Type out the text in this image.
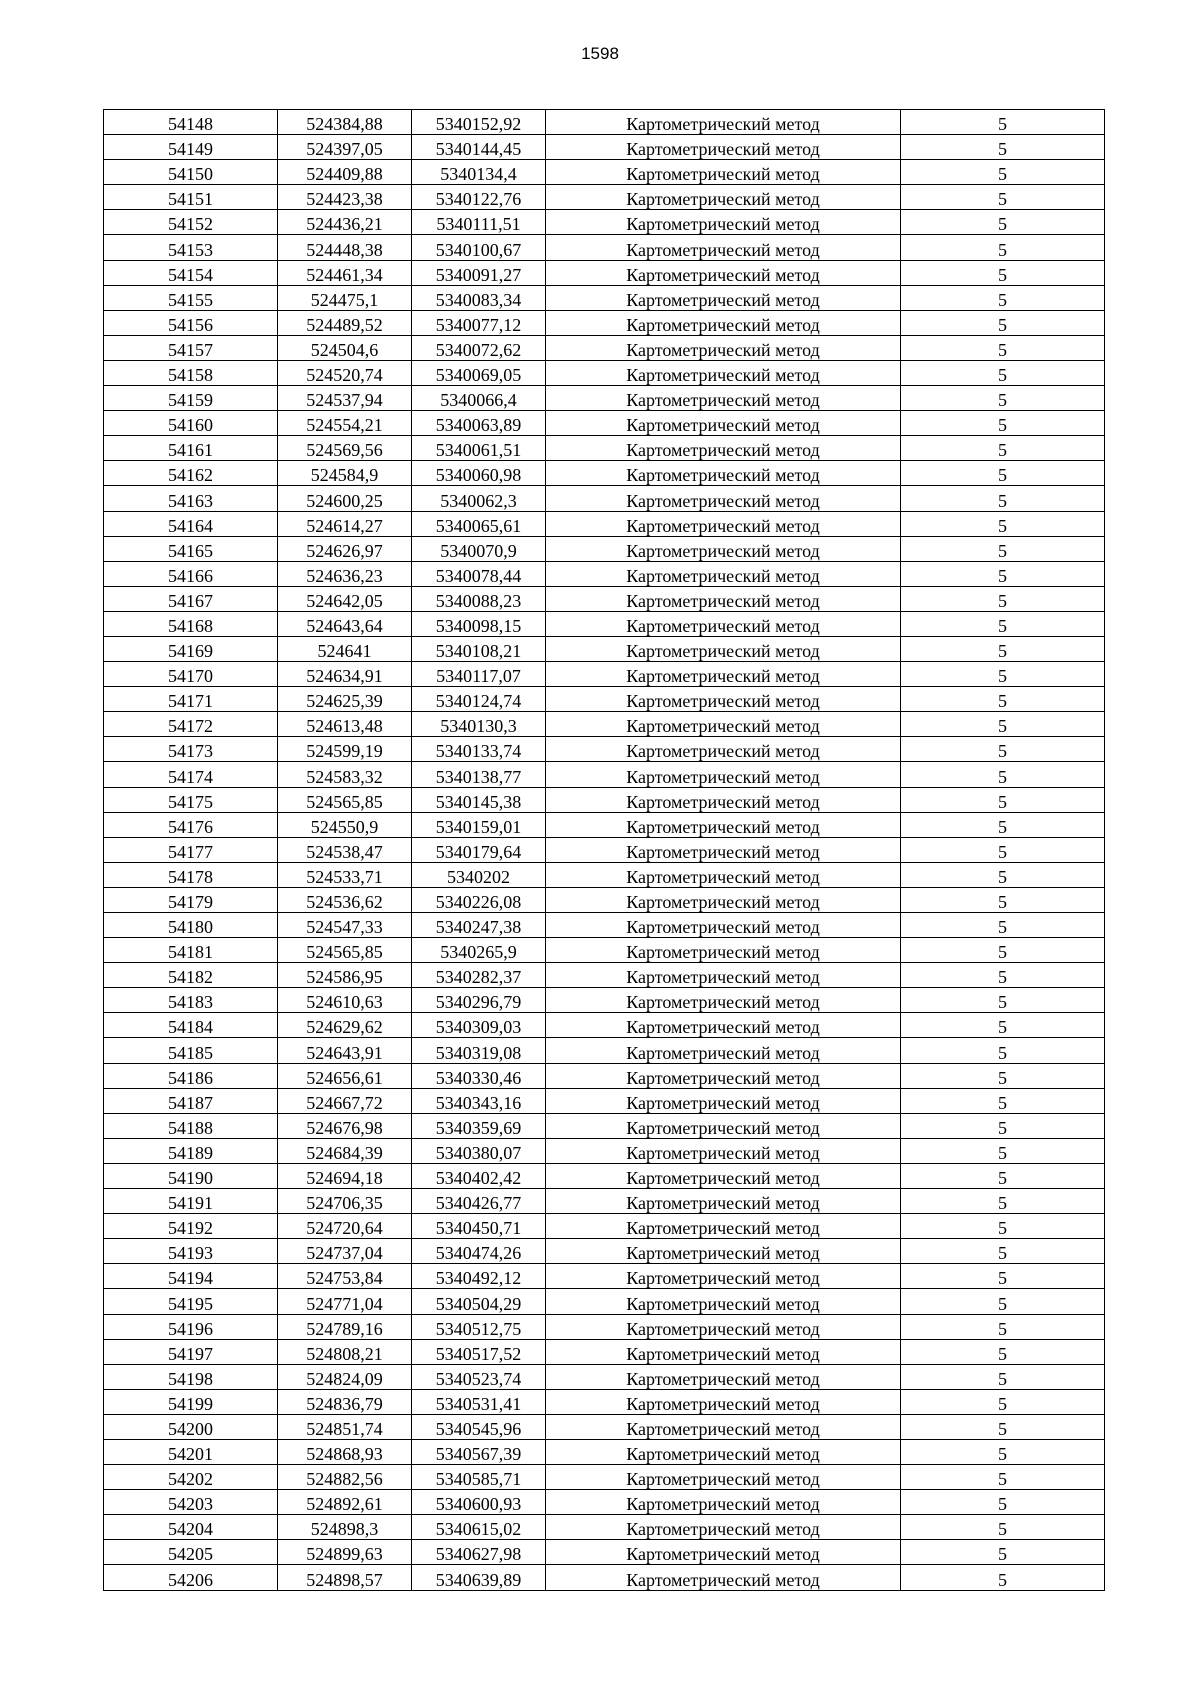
1598
54148	524384,88	5340152,92	Картометрический метод	5
54149	524397,05	5340144,45	Картометрический метод	5
54150	524409,88	5340134,4	Картометрический метод	5
54151	524423,38	5340122,76	Картометрический метод	5
54152	524436,21	5340111,51	Картометрический метод	5
54153	524448,38	5340100,67	Картометрический метод	5
54154	524461,34	5340091,27	Картометрический метод	5
54155	524475,1	5340083,34	Картометрический метод	5
54156	524489,52	5340077,12	Картометрический метод	5
54157	524504,6	5340072,62	Картометрический метод	5
54158	524520,74	5340069,05	Картометрический метод	5
54159	524537,94	5340066,4	Картометрический метод	5
54160	524554,21	5340063,89	Картометрический метод	5
54161	524569,56	5340061,51	Картометрический метод	5
54162	524584,9	5340060,98	Картометрический метод	5
54163	524600,25	5340062,3	Картометрический метод	5
54164	524614,27	5340065,61	Картометрический метод	5
54165	524626,97	5340070,9	Картометрический метод	5
54166	524636,23	5340078,44	Картометрический метод	5
54167	524642,05	5340088,23	Картометрический метод	5
54168	524643,64	5340098,15	Картометрический метод	5
54169	524641	5340108,21	Картометрический метод	5
54170	524634,91	5340117,07	Картометрический метод	5
54171	524625,39	5340124,74	Картометрический метод	5
54172	524613,48	5340130,3	Картометрический метод	5
54173	524599,19	5340133,74	Картометрический метод	5
54174	524583,32	5340138,77	Картометрический метод	5
54175	524565,85	5340145,38	Картометрический метод	5
54176	524550,9	5340159,01	Картометрический метод	5
54177	524538,47	5340179,64	Картометрический метод	5
54178	524533,71	5340202	Картометрический метод	5
54179	524536,62	5340226,08	Картометрический метод	5
54180	524547,33	5340247,38	Картометрический метод	5
54181	524565,85	5340265,9	Картометрический метод	5
54182	524586,95	5340282,37	Картометрический метод	5
54183	524610,63	5340296,79	Картометрический метод	5
54184	524629,62	5340309,03	Картометрический метод	5
54185	524643,91	5340319,08	Картометрический метод	5
54186	524656,61	5340330,46	Картометрический метод	5
54187	524667,72	5340343,16	Картометрический метод	5
54188	524676,98	5340359,69	Картометрический метод	5
54189	524684,39	5340380,07	Картометрический метод	5
54190	524694,18	5340402,42	Картометрический метод	5
54191	524706,35	5340426,77	Картометрический метод	5
54192	524720,64	5340450,71	Картометрический метод	5
54193	524737,04	5340474,26	Картометрический метод	5
54194	524753,84	5340492,12	Картометрический метод	5
54195	524771,04	5340504,29	Картометрический метод	5
54196	524789,16	5340512,75	Картометрический метод	5
54197	524808,21	5340517,52	Картометрический метод	5
54198	524824,09	5340523,74	Картометрический метод	5
54199	524836,79	5340531,41	Картометрический метод	5
54200	524851,74	5340545,96	Картометрический метод	5
54201	524868,93	5340567,39	Картометрический метод	5
54202	524882,56	5340585,71	Картометрический метод	5
54203	524892,61	5340600,93	Картометрический метод	5
54204	524898,3	5340615,02	Картометрический метод	5
54205	524899,63	5340627,98	Картометрический метод	5
54206	524898,57	5340639,89	Картометрический метод	5
